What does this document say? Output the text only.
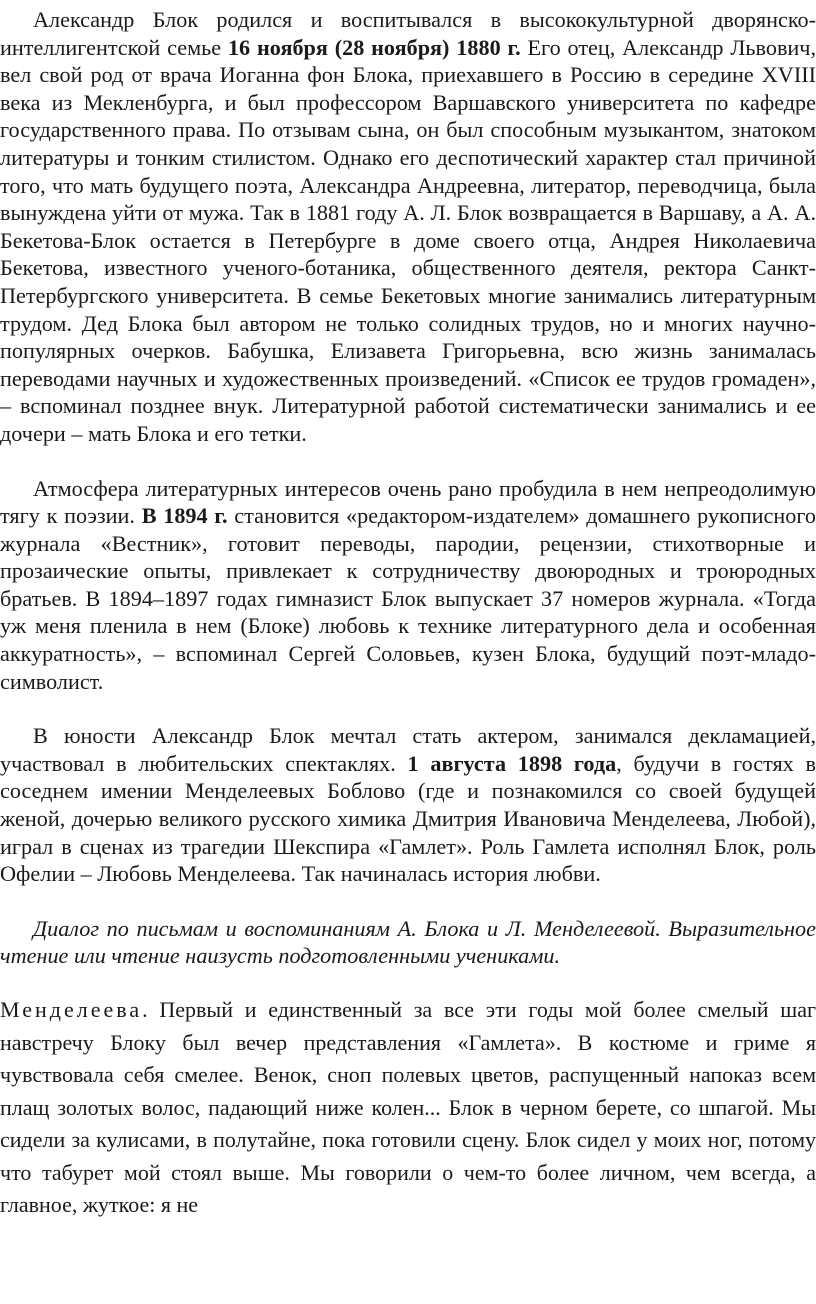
Александр Блок родился и воспитывался в высококультурной дворянско-интеллигентской семье 16 ноября (28 ноября) 1880 г. Его отец, Александр Львович, вел свой род от врача Иоганна фон Блока, приехавшего в Россию в середине XVIII века из Мекленбурга, и был профессором Варшавского университета по кафедре государственного права. По отзывам сына, он был способным музыкантом, знатоком литературы и тонким стилистом. Однако его деспотический характер стал причиной того, что мать будущего поэта, Александра Андреевна, литератор, переводчица, была вынуждена уйти от мужа. Так в 1881 году А. Л. Блок возвращается в Варшаву, а А. А. Бекетова-Блок остается в Петербурге в доме своего отца, Андрея Николаевича Бекетова, известного ученого-ботаника, общественного деятеля, ректора Санкт-Петербургского университета. В семье Бекетовых многие занимались литературным трудом. Дед Блока был автором не только солидных трудов, но и многих научно-популярных очерков. Бабушка, Елизавета Григорьевна, всю жизнь занималась переводами научных и художественных произведений. «Список ее трудов громаден», – вспоминал позднее внук. Литературной работой систематически занимались и ее дочери – мать Блока и его тетки.

Атмосфера литературных интересов очень рано пробудила в нем непреодолимую тягу к поэзии. В 1894 г. становится «редактором-издателем» домашнего рукописного журнала «Вестник», готовит переводы, пародии, рецензии, стихотворные и прозаические опыты, привлекает к сотрудничеству двоюродных и троюродных братьев. В 1894–1897 годах гимназист Блок выпускает 37 номеров журнала. «Тогда уж меня пленила в нем (Блоке) любовь к технике литературного дела и особенная аккуратность», – вспоминал Сергей Соловьев, кузен Блока, будущий поэт-младо-символист.

В юности Александр Блок мечтал стать актером, занимался декламацией, участвовал в любительских спектаклях. 1 августа 1898 года, будучи в гостях в соседнем имении Менделеевых Боблово (где и познакомился со своей будущей женой, дочерью великого русского химика Дмитрия Ивановича Менделеева, Любой), играл в сценах из трагедии Шекспира «Гамлет». Роль Гамлета исполнял Блок, роль Офелии – Любовь Менделеева. Так начиналась история любви.

Диалог по письмам и воспоминаниям А. Блока и Л. Менделеевой. Выразительное чтение или чтение наизусть подготовленными учениками.

Менделеева. Первый и единственный за все эти годы мой более смелый шаг навстречу Блоку был вечер представления «Гамлета». В костюме и гриме я чувствовала себя смелее. Венок, сноп полевых цветов, распущенный напоказ всем плащ золотых волос, падающий ниже колен... Блок в черном берете, со шпагой. Мы сидели за кулисами, в полутайне, пока готовили сцену. Блок сидел у моих ног, потому что табурет мой стоял выше. Мы говорили о чем-то более личном, чем всегда, а главное, жуткое: я не
